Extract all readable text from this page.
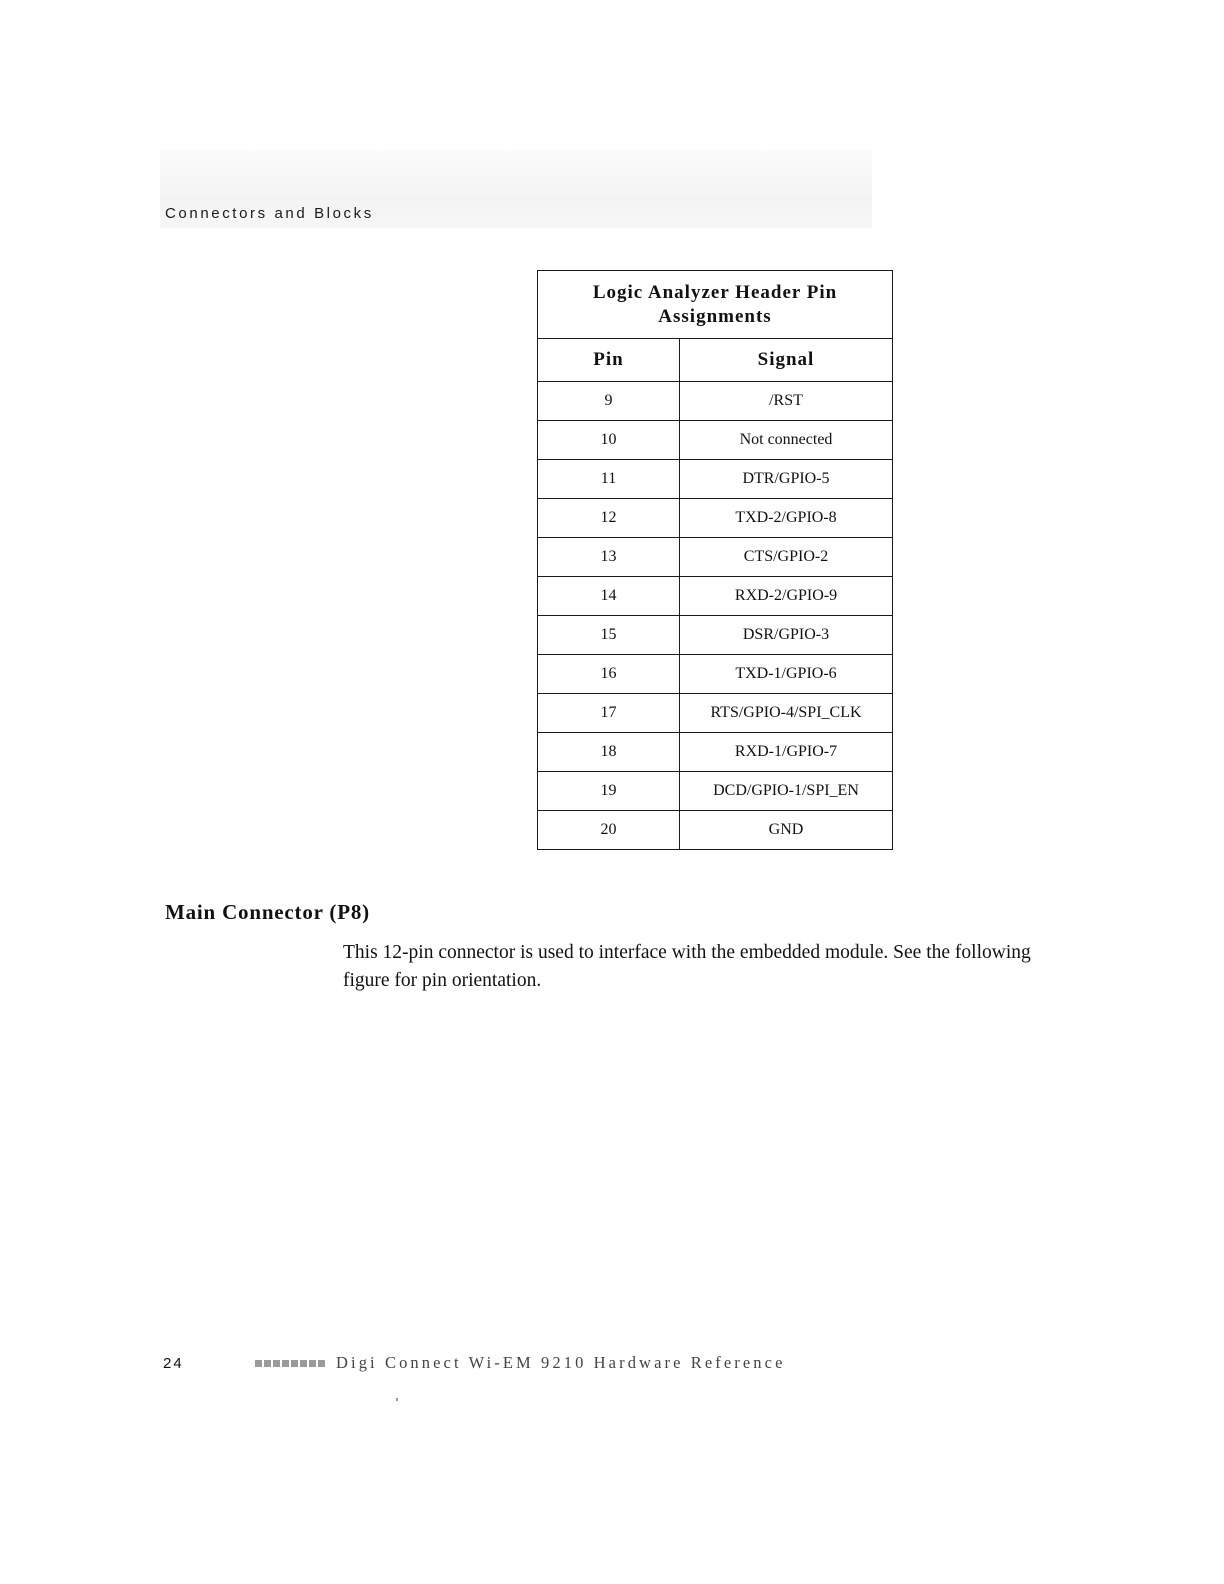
Connectors and Blocks
Logic Analyzer Header Pin Assignments	
Pin	Signal
9	/RST
10	Not connected
11	DTR/GPIO-5
12	TXD-2/GPIO-8
13	CTS/GPIO-2
14	RXD-2/GPIO-9
15	DSR/GPIO-3
16	TXD-1/GPIO-6
17	RTS/GPIO-4/SPI_CLK
18	RXD-1/GPIO-7
19	DCD/GPIO-1/SPI_EN
20	GND
Main Connector (P8)
This 12-pin connector is used to interface with the embedded module. See the following figure for pin orientation.
24	Digi Connect Wi-EM 9210 Hardware Reference
